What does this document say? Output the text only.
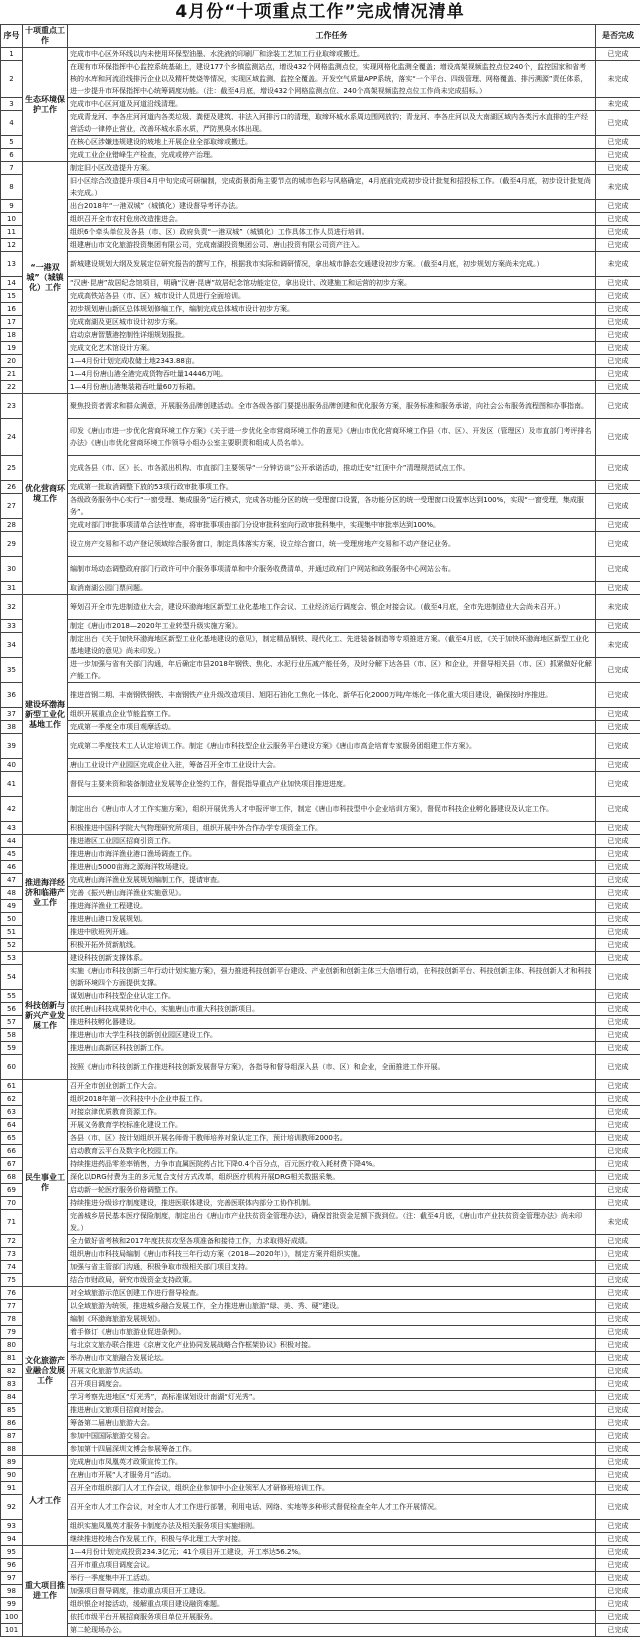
4月份“十项重点工作”完成情况清单
序号	十项重点工作	工作任务	是否完成
1	生态环境保护工作	完成市中心区外环线以内未使用环保型油墨、水洗液的印刷厂和涂装工艺加工行业取缔或搬迁。	已完成
2		在现有市环保指挥中心监控系统基础上，建设177个乡镇监测站点，增设432个网格监测点位，实现网格化监测全覆盖；增设高架视频监控点位240个，监控国家和省考核的水库和河流沿线排污企业以及精杆焚烧等情况，实现区域监测、监控全覆盖。开发空气质量APP系统，落实“一个平台、四级管理、网格覆盖、排污溯源”责任体系，进一步提升市环保指挥中心统筹调度功能。（注：截至4月底，增设432个网格监测点位、240个高架视频监控点位工作尚未完成招标。）	未完成
3		完成市中心区河道及河道沿线清理。	未完成
4		完成青龙河、李各庄河河道内各类垃圾、粪便及建筑、非法入河排污口的清理，取缔环城水系周边围网放钓；青龙河、李各庄河以及大南湖区域内各类污水直排的生产经营活动一律停止营业，改善环城水系水质，严防黑臭水体出现。	已完成
5		在核心区涉嫌违规建设的坡地上开展企业全部取缔或搬迁。	已完成
6		完成工业企业错峰生产检查，完成或停产治理。	已完成
7	“一港双城”（城镇化）工作	制定旧小区改造提升方案。	已完成
8		旧小区综合改造提升项目4月中旬完成可研编制，完成街景街角主要节点的城市色彩与风格确定，4月底前完成初步设计批复和招投标工作。（截至4月底，初步设计批复尚未完成。）	未完成
9		出台2018年“一港双城”（城镇化）建设督导考评办法。	已完成
10		组织召开全市农村危房改造推进会。	已完成
11		组织6个牵头单位及各县（市、区）政府负责“一港双城”（城镇化）工作具体工作人员进行培训。	已完成
12		组建唐山市文化旅游投资集团有限公司，完成南湖投资集团公司、唐山投资有限公司资产注入。	已完成
13		新城建设规划大纲及发展定位研究报告的撰写工作，根据我市实际和调研情况，拿出城市静态交通建设初步方案。（截至4月底，初步规划方案尚未完成。）	未完成
14		“汉唐·昆唐”故居纪念馆项目，明确“汉唐·昆唐”故居纪念馆功能定位，拿出设计、改建施工和运营的初步方案。	已完成
15		完成高铁站各县（市、区）城市设计人员进行全面培训。	已完成
16		初步规划唐山新区总体规划修编工作，编制完成总体城市设计初步方案。	已完成
17		完成南湖及更区城市设计初步方案。	已完成
18		启动京唐智慧港控制性详细规划报批。	已完成
19		完成文化艺术馆设计方案。	已完成
20		1—4月份计划完成收储土地2343.88亩。	已完成
21		1—4月份唐山港全港完成货物吞吐量14446万吨。	已完成
22		1—4月份唐山港集装箱吞吐量60万标箱。	已完成
23	优化营商环境工作	聚焦投资者需求和群众满意，开展服务品牌创建活动。全市各级各部门要提出服务品牌创建和优化服务方案，服务标准和服务承诺，向社会公布服务流程图和办事指南。	已完成
24		印发《唐山市进一步优化营商环境工作方案》《关于进一步优化全市营商环境工作的意见》《唐山市优化营商环境工作县（市、区）、开发区（管理区）及市直部门考评排名办法》《唐山市优化营商环境工作领导小组办公室主要职责和组成人员名单》。	已完成
25		完成各县（市、区）长、市各派出机构、市直部门主要领导“一分钟访谈”公开承诺活动，推动迁安“红顶中介”清理规范试点工作。	已完成
26		完成第一批取消调整下放的53项行政审批事项工作。	已完成
27		各级政务服务中心实行“一窗受理、集成服务”运行模式，完成各功能分区的统一受理窗口设置，各功能分区的统一受理窗口设置率达到100%，实现“一窗受理，集成服务”。	已完成
28		完成对部门审批事项清单合法性审查，将审批事项由部门分设审批科室向行政审批科集中，实现集中审批率达到100%。	已完成
29		设立房产交易和不动产登记领域综合服务窗口，制定具体落实方案，设立综合窗口，统一受理房地产交易和不动产登记业务。	已完成
30		编制市场动态调整政府部门行政许可中介服务事项清单和中介服务收费清单，并通过政府门户网站和政务服务中心网站公布。	已完成
31		取消南湖公园门票问题。	已完成
32	建设环渤海新型工业化基地工作	筹划召开全市先进制造业大会，建设环渤海地区新型工业化基地工作会议、工业经济运行调度会、银企对接会议。（截至4月底，全市先进制造业大会尚未召开。）	未完成
33		制定《唐山市2018—2020年工业转型升级实施方案》。	已完成
34		制定出台《关于加快环渤海地区新型工业化基地建设的意见》，制定精品钢铁、现代化工、先进装备制造等专项推进方案。（截至4月底，《关于加快环渤海地区新型工业化基地建设的意见》尚未印发。）	未完成
35		进一步加强与省有关部门沟通，年后确定市县2018年钢铁、焦化、水泥行业压减产能任务，及时分解下达各县（市、区）和企业，并督导相关县（市、区）抓紧做好化解产能工作。	已完成
36		推进首钢二期、丰南钢铁钢铁、丰南钢铁产业升级改造项目、旭阳石油化工焦化一体化、新华石化2000万吨/年炼化一体化重大项目建设，确保按时序推进。	已完成
37		组织开展重点企业节能监察工作。	已完成
38		完成第一季度全市项目观摩活动。	已完成
39		完成第二季度技术工人认定培训工作。制定《唐山市科技型企业云服务平台建设方案》《唐山市高企培育专家服务团组建工作方案》。	已完成
40		唐山工业设计产业园区完成企业入驻，筹备召开全市工业设计大会。	已完成
41		督促与主要来资和装备制造业发展等企业签约工作，督促指导重点产业加快项目推进进度。	已完成
42		制定出台《唐山市人才工作实施方案》，组织开展优秀人才申报评审工作，制定《唐山市科技型中小企业培训方案》，督促市科技企业孵化器建设及认定工作。	已完成
43		积极推进中国科学院大气物理研究所项目，组织开展中外合作办学专项资金工作。	已完成
44	推进海洋经济和临港产业工作	推进港区工业园区招商引资工作。	已完成
45		推进唐山市海洋渔业港口渔场调查工作。	已完成
46		推进唐山5000亩海之源海洋牧场建设。	已完成
47		完成唐山海洋渔业发展规划编制工作，提请审查。	已完成
48		完善《振兴唐山海洋渔业实施意见》。	已完成
49		推进海洋渔业工程建设。	已完成
50		推进唐山港口发展规划。	已完成
51		推进中欧班列开通。	已完成
52		积极开拓外贸新航线。	已完成
53	科技创新与新兴产业发展工作	建设科技创新支撑体系。	已完成
54		实施《唐山市科技创新三年行动计划实施方案》，强力推进科技创新平台建设、产业创新和创新主体三大倍增行动，在科技创新平台、科技创新主体、科技创新人才和科技创新环境四个方面提供支撑。	已完成
55		谋划唐山市科技型企业认定工作。	已完成
56		依托唐山科技成果转化中心，实施唐山市重大科技创新项目。	已完成
57		推进科技孵化器建设。	已完成
58		推进唐山市大学生科技创新创业园区建设工作。	已完成
59		推进唐山高新区科技创新工作。	已完成
60		按照《唐山市科技创新工作推进科技创新发展督导方案》，各指导和督导组深入县（市、区）和企业，全面推进工作开展。	已完成
61	民生事业工作	召开全市创业创新工作大会。	已完成
62		组织2018年第一次科技中小企业申报工作。	已完成
63		对接京津优质教育资源工作。	已完成
64		开展义务教育学校标准化建设工作。	已完成
65		各县（市、区）按计划组织开展名师骨干教师培养对象认定工作，预计培训教师2000名。	已完成
66		启动教育云平台及数字化校园工作。	已完成
67		持续推进药品零差率销售，力争市直属医院药占比下降0.4个百分点，百元医疗收入耗材费下降4%。	已完成
68		深化以DRG付费为主的多元复合支付方式改革，组织医疗机构开展DRG相关数据采集。	已完成
69		启动新一轮医疗服务价格调整工作。	已完成
70		持续推进分级诊疗制度建设，推进医联体建设，完善医联体内部分工协作机制。	已完成
71		完善城乡居民基本医疗保险制度，制定出台《唐山市产业扶贫资金管理办法》，确保首批资金足额下拨到位。（注：截至4月底，《唐山市产业扶贫资金管理办法》尚未印发。）	未完成
72		全力做好省考核和2017年度扶贫攻坚各项准备和接待工作，力求取得好成绩。	已完成
73		组织唐山市科技局编制《唐山市科技三年行动方案（2018—2020年）》，制定方案并组织实施。	已完成
74		加强与省主管部门沟通，积极争取市级相关部门项目支持。	已完成
75		结合市财政局，研究市级资金支持政策。	已完成
76	文化旅游产业融合发展工作	对全域旅游示范区创建工作进行督导检查。	已完成
77		以全域旅游为统领，推进城乡融合发展工作，全力推进唐山旅游“绿、美、秀、硬”建设。	已完成
78		编制《环渤海旅游发展规划》。	已完成
79		着手修订《唐山市旅游业促进条例》。	已完成
80		与北京文旅办联合推进《京唐文化产业协同发展战略合作框架协议》积极对接。	已完成
81		举办唐山市文旅融合发展论坛。	已完成
82		开展文化旅游节庆活动。	已完成
83		召开项目调度会。	已完成
84		学习考察先进地区“灯光秀”，高标准谋划设计南湖“灯光秀”。	已完成
85		推进唐山文旅项目招商对接会。	已完成
86		筹备第二届唐山旅游大会。	已完成
87		参加中国国际旅游交易会。	已完成
88		参加第十四届深圳文博会参展筹备工作。	已完成
89	人才工作	完成唐山市凤凰英才政策宣传工作。	已完成
90		在唐山市开展“人才服务月”活动。	已完成
91		召开全市组织部门人才工作会议，组织企业参加中小企业领军人才研修班培训工作。	已完成
92		召开全市人才工作会议，对全市人才工作进行部署，利用电话、网络、实地等多种形式督促检查全年人才工作开展情况。	已完成
93		组织实施凤凰英才服务卡制度办法及相关服务项目实施细则。	已完成
94		继续推进校地合作发展工作，积极与华北理工大学对接。	已完成
95	重大项目推进工作	1—4月份计划完成投资234.3亿元；41个项目开工建设，开工率达56.2%。	已完成
96		召开市重点项目调度会议。	已完成
97		举行一季度集中开工活动。	已完成
98		加强项目督导调度，推动重点项目开工建设。	已完成
99		组织银企对接活动，缓解重点项目建设融资难题。	已完成
100		依托市级平台开展招商服务项目单位开展服务。	已完成
101		第二轮现场办公。	已完成
